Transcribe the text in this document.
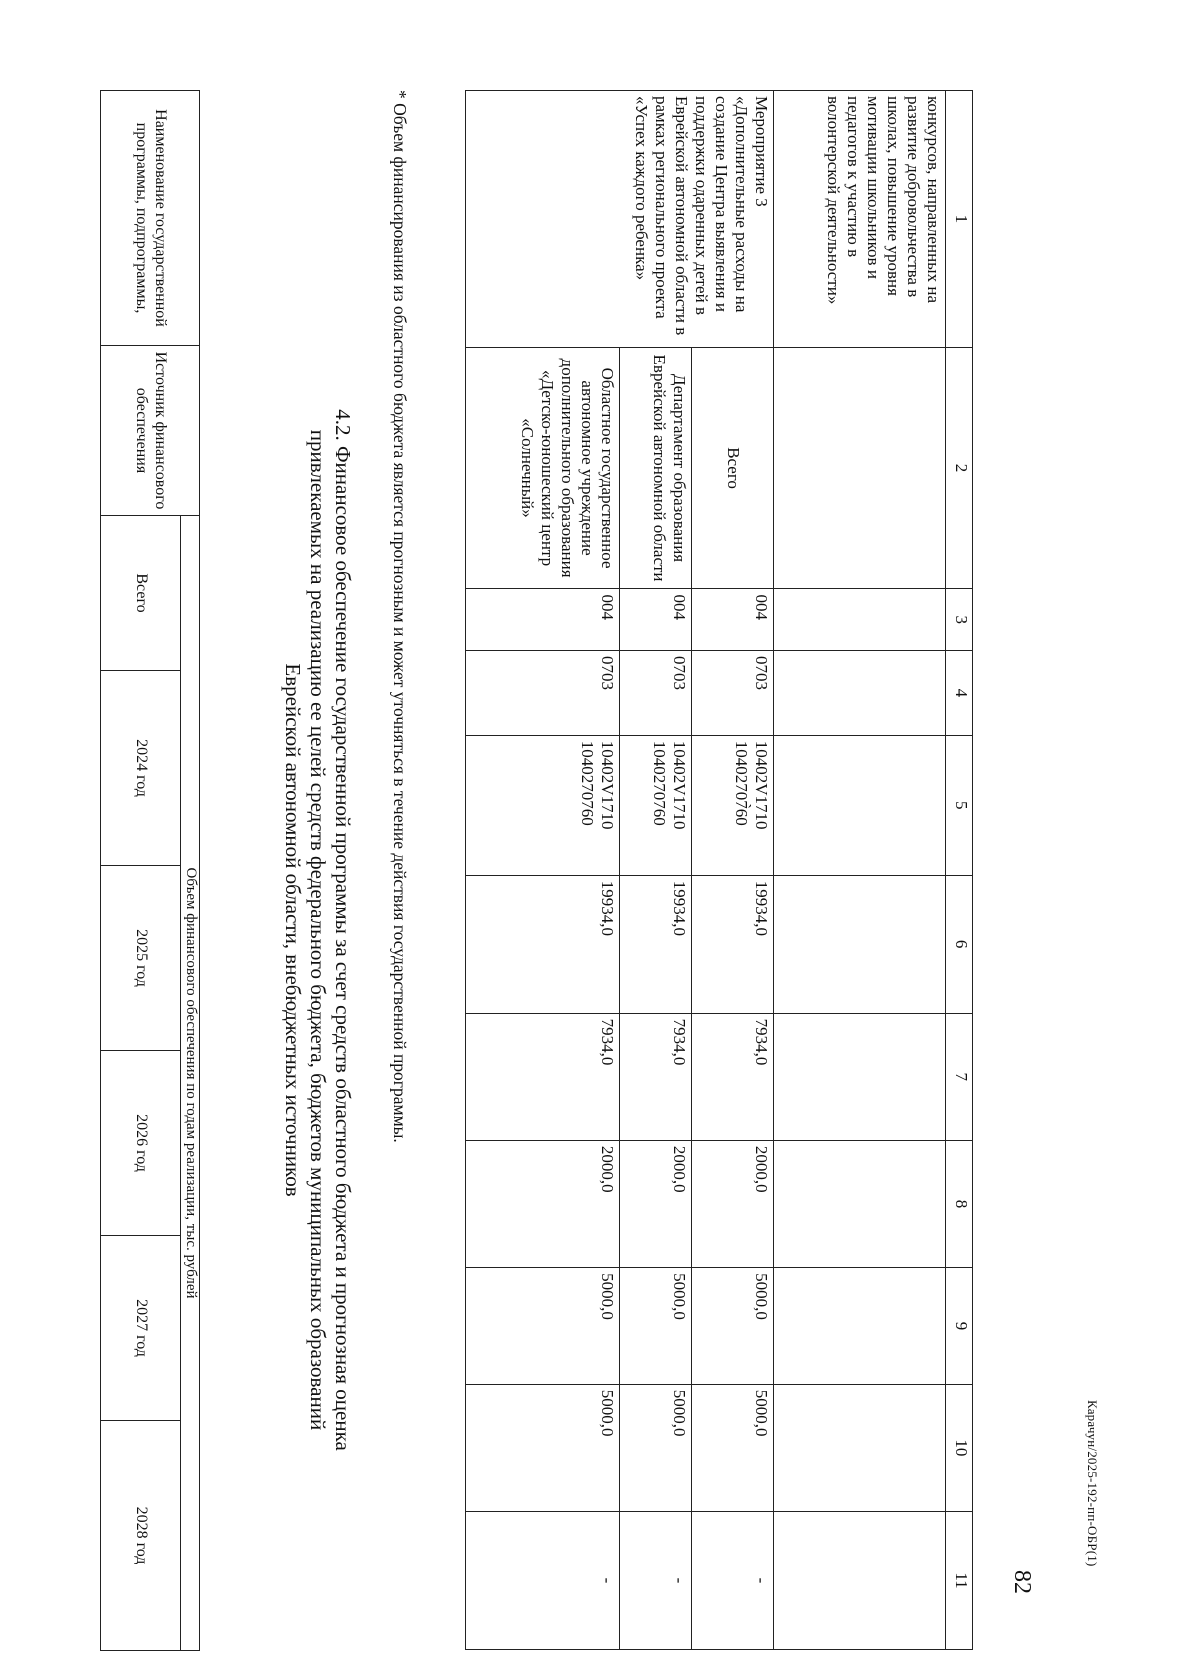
82
1	2	3	4	5	6	7	8	9	10	11
конкурсов, направленных на развитие добровольчества в школах, повышение уровня мотивации школьников и педагогов к участию в волонтерской деятельности»										
Мероприятие 3 «Дополнительные расходы на создание Центра выявления и поддержки одаренных детей в Еврейской автономной области в рамках регионального проекта «Успех каждого ребенка»	Всего	004	0703	10402V1710
10402707̀60	19934,0	7934,0	2000,0	5000,0	5000,0	-
	Департамент образования Еврейской автономной области	004	0703	10402V1710
1040270760	19934,0	7934,0	2000,0	5000,0	5000,0	-
	Областное государственное автономное учреждение дополнительного образования «Детско-юношеский центр «Солнечный»	004	0703	10402V1710
1040270760	19934,0	7934,0	2000,0	5000,0	5000,0	-
* Объем финансирования из областного бюджета является прогнозным и может уточняться в течение действия государственной программы.
4.2. Финансовое обеспечение государственной программы за счет средств областного бюджета и прогнозная оценка
привлекаемых на реализацию ее целей средств федерального бюджета, бюджетов муниципальных образований
Еврейской автономной области, внебюджетных источников
Наименование государственной программы, подпрограммы,	Источник финансового обеспечения	Объем финансового обеспечения по годам реализации, тыс. рублей					
		Всего	2024 год	2025 год	2026 год	2027 год	2028 год	Карачун/2025-192-пп-ОБР(1)
